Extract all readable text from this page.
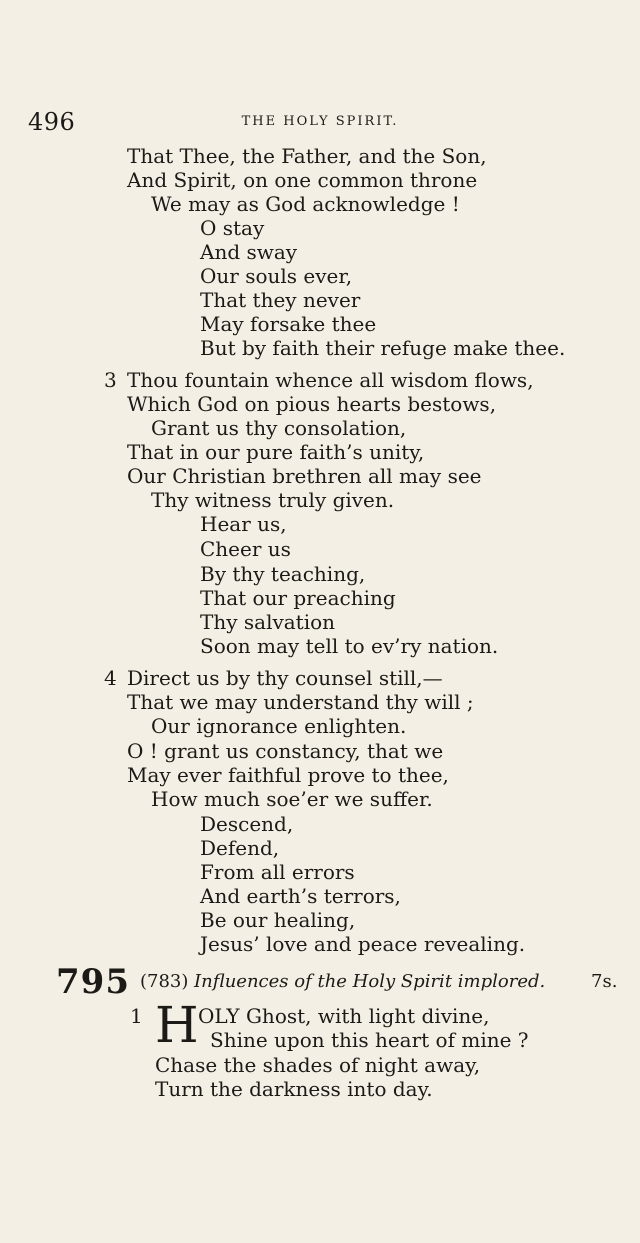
496	THE HOLY SPIRIT.
That Thee, the Father, and the Son,
And Spirit, on one common throne
We may as God acknowledge !
O stay
And sway
Our souls ever,
That they never
May forsake thee
But by faith their refuge make thee.
3 Thou fountain whence all wisdom flows,
Which God on pious hearts bestows,
Grant us thy consolation,
That in our pure faith’s unity,
Our Christian brethren all may see
Thy witness truly given.
Hear us,
Cheer us
By thy teaching,
That our preaching
Thy salvation
Soon may tell to ev’ry nation.
4 Direct us by thy counsel still,—
That we may understand thy will ;
Our ignorance enlighten.
O ! grant us constancy, that we
May ever faithful prove to thee,
How much soe’er we suffer.
Descend,
Defend,
From all errors
And earth’s terrors,
Be our healing,
Jesus’ love and peace revealing.
795 (783) Influences of the Holy Spirit implored.	7s.
1 H OLY Ghost, with light divine,
Shine upon this heart of mine ?
Chase the shades of night away,
Turn the darkness into day.
